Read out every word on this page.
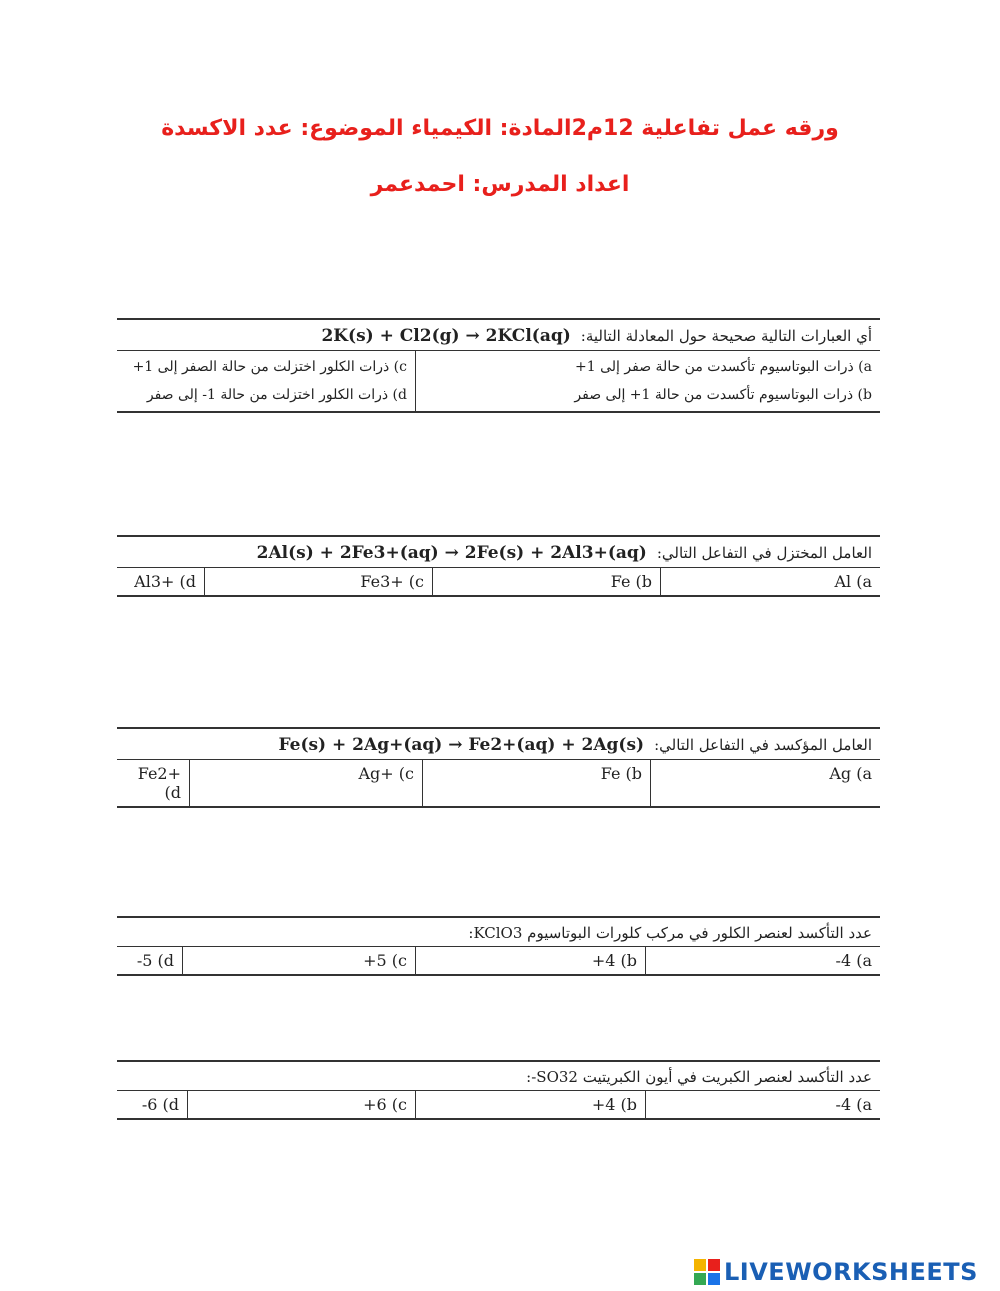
ورقه عمل تفاعلية 12م2المادة: الكيمياء الموضوع: عدد الاكسدة
اعداد المدرس: احمدعمر
أي العبارات التالية صحيحة حول المعادلة التالية:
2K(s) + Cl2(g) → 2KCl(aq)
a) ذرات البوتاسيوم تأكسدت من حالة صفر إلى 1+
b) ذرات البوتاسيوم تأكسدت من حالة 1+ إلى صفر
c) ذرات الكلور اختزلت من حالة الصفر إلى 1+
d) ذرات الكلور اختزلت من حالة 1- إلى صفر
العامل المختزل في التفاعل التالي:
2Al(s) + 2Fe3+(aq) → 2Fe(s) + 2Al3+(aq)
Al (a
Fe (b
Fe3+ (c
Al3+ (d
العامل المؤكسد في التفاعل التالي:
Fe(s) + 2Ag+(aq) → Fe2+(aq) + 2Ag(s)
Ag (a
Fe (b
Ag+ (c
Fe2+ (d
عدد التأكسد لعنصر الكلور في مركب كلورات البوتاسيوم KClO3:
-4 (a
+4 (b
+5 (c
-5 (d
عدد التأكسد لعنصر الكبريت في أيون الكبريتيت SO32-:
-4 (a
+4 (b
+6 (c
-6 (d
LIVEWORKSHEETS
